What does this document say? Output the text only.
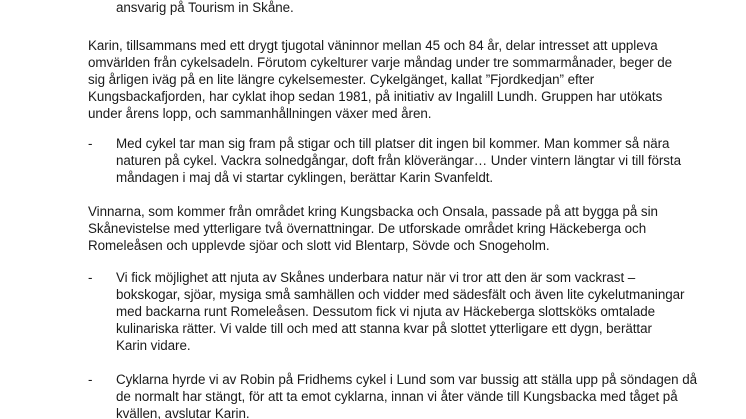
ansvarig på Tourism in Skåne.
Karin, tillsammans med ett drygt tjugotal väninnor mellan 45 och 84 år, delar intresset att uppleva
omvärlden från cykelsadeln. Förutom cykelturer varje måndag under tre sommarmånader, beger de
sig årligen iväg på en lite längre cykelsemester. Cykelgänget, kallat ”Fjordkedjan” efter
Kungsbackafjorden, har cyklat ihop sedan 1981, på initiativ av Ingalill Lundh. Gruppen har utökats
under årens lopp, och sammanhållningen växer med åren.
- Med cykel tar man sig fram på stigar och till platser dit ingen bil kommer. Man kommer så nära
naturen på cykel. Vackra solnedgångar, doft från klöverängar… Under vintern längtar vi till första
måndagen i maj då vi startar cyklingen, berättar Karin Svanfeldt.
Vinnarna, som kommer från området kring Kungsbacka och Onsala, passade på att bygga på sin
Skånevistelse med ytterligare två övernattningar. De utforskade området kring Häckeberga och
Romeleåsen och upplevde sjöar och slott vid Blentarp, Sövde och Snogeholm.
- Vi fick möjlighet att njuta av Skånes underbara natur när vi tror att den är som vackrast –
bokskogar, sjöar, mysiga små samhällen och vidder med sädesfält och även lite cykelutmaningar
med backarna runt Romeleåsen. Dessutom fick vi njuta av Häckeberga slottsköks omtalade
kulinariska rätter. Vi valde till och med att stanna kvar på slottet ytterligare ett dygn, berättar
Karin vidare.
- Cyklarna hyrde vi av Robin på Fridhems cykel i Lund som var bussig att ställa upp på söndagen då
de normalt har stängt, för att ta emot cyklarna, innan vi åter vände till Kungsbacka med tåget på
kvällen, avslutar Karin.
